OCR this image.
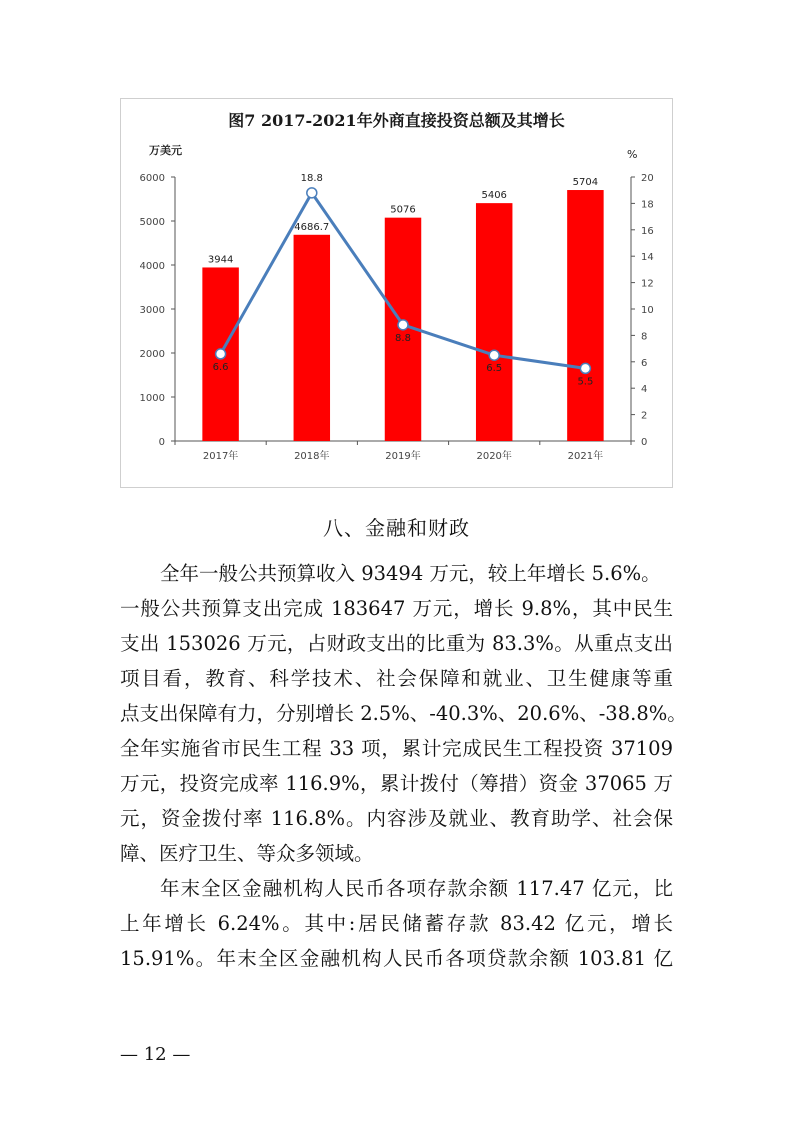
万美元	%
0
1000
2000
3000
4000
5000
6000
0
2
4
6
8
10
12
14
16
18
20
3944
4686.7
5076
5406
5704
2017年	2018年	2019年	2020年	2021年
6.6
18.8
8.8
6.5
5.5
图7 2017-2021年外商直接投资总额及其增长
八、金融和财政
全年一般公共预算收入 93494 万元，较上年增长 5.6%。
一般公共预算支出完成 183647 万元，增长 9.8%，其中民生
支出 153026 万元，占财政支出的比重为 83.3%。从重点支出
项目看，教育、科学技术、社会保障和就业、卫生健康等重
点支出保障有力，分别增长 2.5%、-40.3%、20.6%、-38.8%。
全年实施省市民生工程 33 项，累计完成民生工程投资 37109
万元，投资完成率 116.9%，累计拨付（筹措）资金 37065 万
元，资金拨付率 116.8%。内容涉及就业、教育助学、社会保
障、医疗卫生、等众多领域。
年末全区金融机构人民币各项存款余额 117.47 亿元，比
上年增长 6.24%。其中:居民储蓄存款 83.42 亿元，增长
15.91%。年末全区金融机构人民币各项贷款余额 103.81 亿
— 12 —
